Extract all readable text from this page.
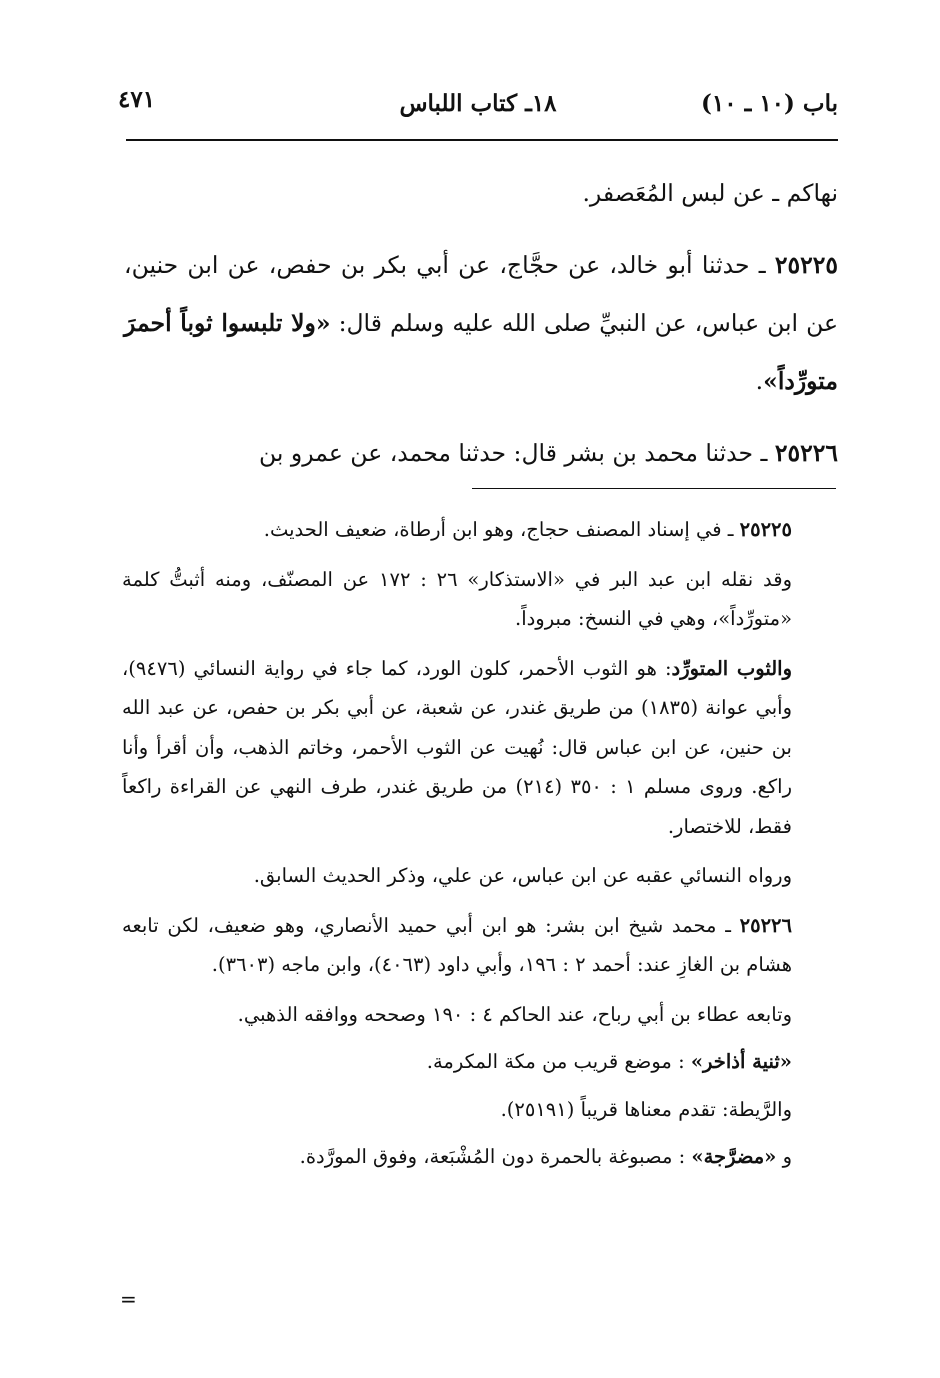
باب (١٠ ـ ١٠)
١٨ـ كتاب اللباس
٤٧١

نهاكم ـ عن لبس المُعَصفر.

٢٥٢٢٥ ـ حدثنا أبو خالد، عن حجَّاج، عن أبي بكر بن حفص، عن ابن حنين، عن ابن عباس، عن النبيِّ صلى الله عليه وسلم قال: «ولا تلبسوا ثوباً أحمرَ متورِّداً».

٢٥٢٢٦ ـ حدثنا محمد بن بشر قال: حدثنا محمد، عن عمرو بن

٢٥٢٢٥ ـ في إسناد المصنف حجاج، وهو ابن أرطاة، ضعيف الحديث.

وقد نقله ابن عبد البر في «الاستذكار» ٢٦ : ١٧٢ عن المصنّف، ومنه أثبتُّ كلمة «متورِّداً»، وهي في النسخ: مبروداً.

والثوب المتورِّد: هو الثوب الأحمر، كلون الورد، كما جاء في رواية النسائي (٩٤٧٦)، وأبي عوانة (١٨٣٥) من طريق غندر، عن شعبة، عن أبي بكر بن حفص، عن عبد الله بن حنين، عن ابن عباس قال: نُهيت عن الثوب الأحمر، وخاتم الذهب، وأن أقرأ وأنا راكع. وروى مسلم ١ : ٣٥٠ (٢١٤) من طريق غندر، طرف النهي عن القراءة راكعاً فقط، للاختصار.

ورواه النسائي عقبه عن ابن عباس، عن علي، وذكر الحديث السابق.

٢٥٢٢٦ ـ محمد شيخ ابن بشر: هو ابن أبي حميد الأنصاري، وهو ضعيف، لكن تابعه هشام بن الغازِ عند: أحمد ٢ : ١٩٦، وأبي داود (٤٠٦٣)، وابن ماجه (٣٦٠٣).

وتابعه عطاء بن أبي رباح، عند الحاكم ٤ : ١٩٠ وصححه ووافقه الذهبي.

«ثنية أذاخر» : موضع قريب من مكة المكرمة.

والرَّيطة: تقدم معناها قريباً (٢٥١٩١).

و «مضرَّجة» : مصبوغة بالحمرة دون المُشْبَعة، وفوق المورَّدة.

=
